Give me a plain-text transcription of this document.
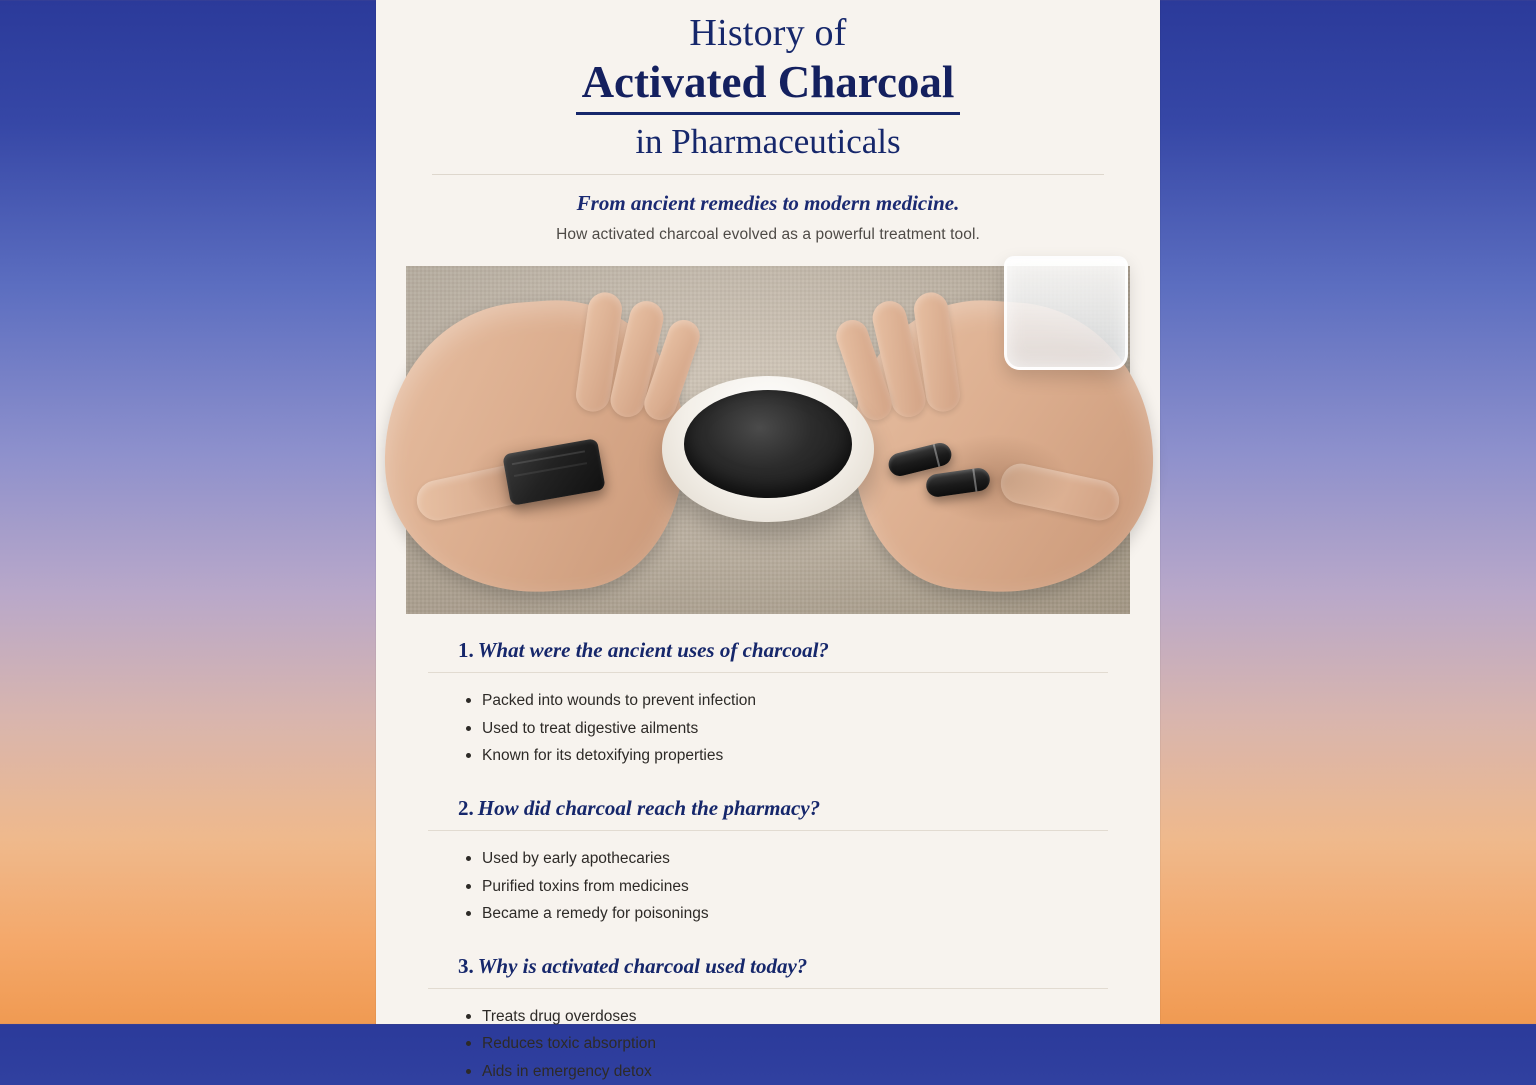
History of
Activated Charcoal
in Pharmaceuticals
From ancient remedies to modern medicine.
How activated charcoal evolved as a powerful treatment tool.
1. What were the ancient uses of charcoal?
Packed into wounds to prevent infection
Used to treat digestive ailments
Known for its detoxifying properties
2. How did charcoal reach the pharmacy?
Used by early apothecaries
Purified toxins from medicines
Became a remedy for poisonings
3. Why is activated charcoal used today?
Treats drug overdoses
Reduces toxic absorption
Aids in emergency detox
